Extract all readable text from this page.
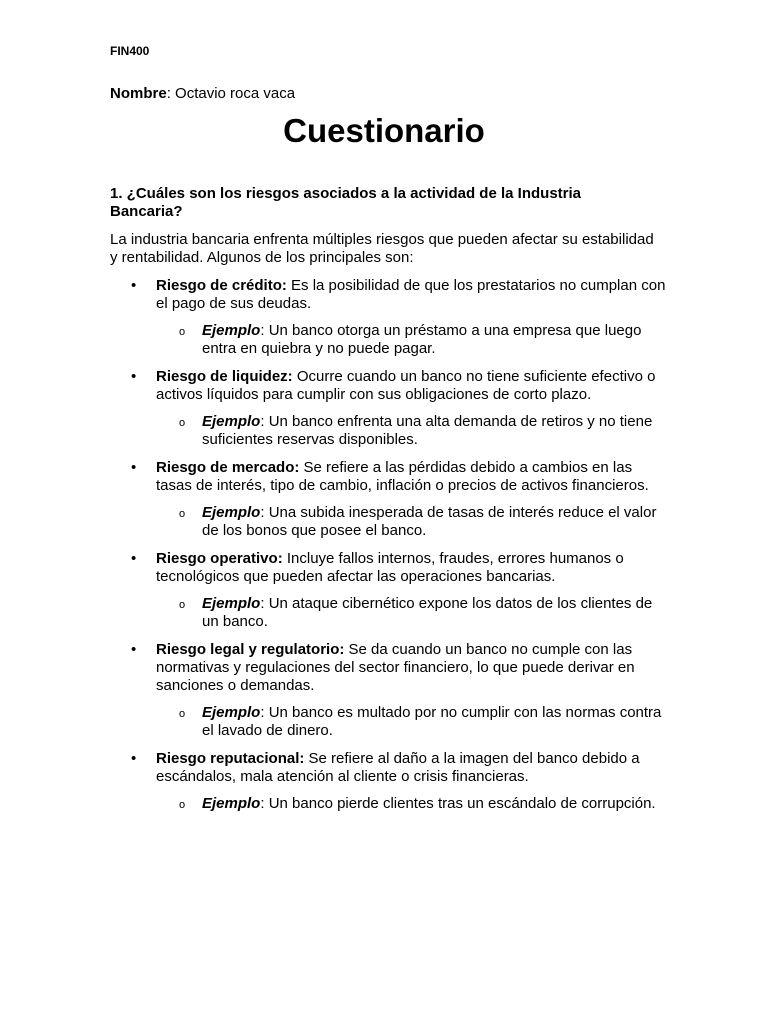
FIN400
Nombre: Octavio roca vaca
Cuestionario
1. ¿Cuáles son los riesgos asociados a la actividad de la Industria Bancaria?
La industria bancaria enfrenta múltiples riesgos que pueden afectar su estabilidad y rentabilidad. Algunos de los principales son:
• Riesgo de crédito: Es la posibilidad de que los prestatarios no cumplan con el pago de sus deudas.
o Ejemplo: Un banco otorga un préstamo a una empresa que luego entra en quiebra y no puede pagar.
• Riesgo de liquidez: Ocurre cuando un banco no tiene suficiente efectivo o activos líquidos para cumplir con sus obligaciones de corto plazo.
o Ejemplo: Un banco enfrenta una alta demanda de retiros y no tiene suficientes reservas disponibles.
• Riesgo de mercado: Se refiere a las pérdidas debido a cambios en las tasas de interés, tipo de cambio, inflación o precios de activos financieros.
o Ejemplo: Una subida inesperada de tasas de interés reduce el valor de los bonos que posee el banco.
• Riesgo operativo: Incluye fallos internos, fraudes, errores humanos o tecnológicos que pueden afectar las operaciones bancarias.
o Ejemplo: Un ataque cibernético expone los datos de los clientes de un banco.
• Riesgo legal y regulatorio: Se da cuando un banco no cumple con las normativas y regulaciones del sector financiero, lo que puede derivar en sanciones o demandas.
o Ejemplo: Un banco es multado por no cumplir con las normas contra el lavado de dinero.
• Riesgo reputacional: Se refiere al daño a la imagen del banco debido a escándalos, mala atención al cliente o crisis financieras.
o Ejemplo: Un banco pierde clientes tras un escándalo de corrupción.
